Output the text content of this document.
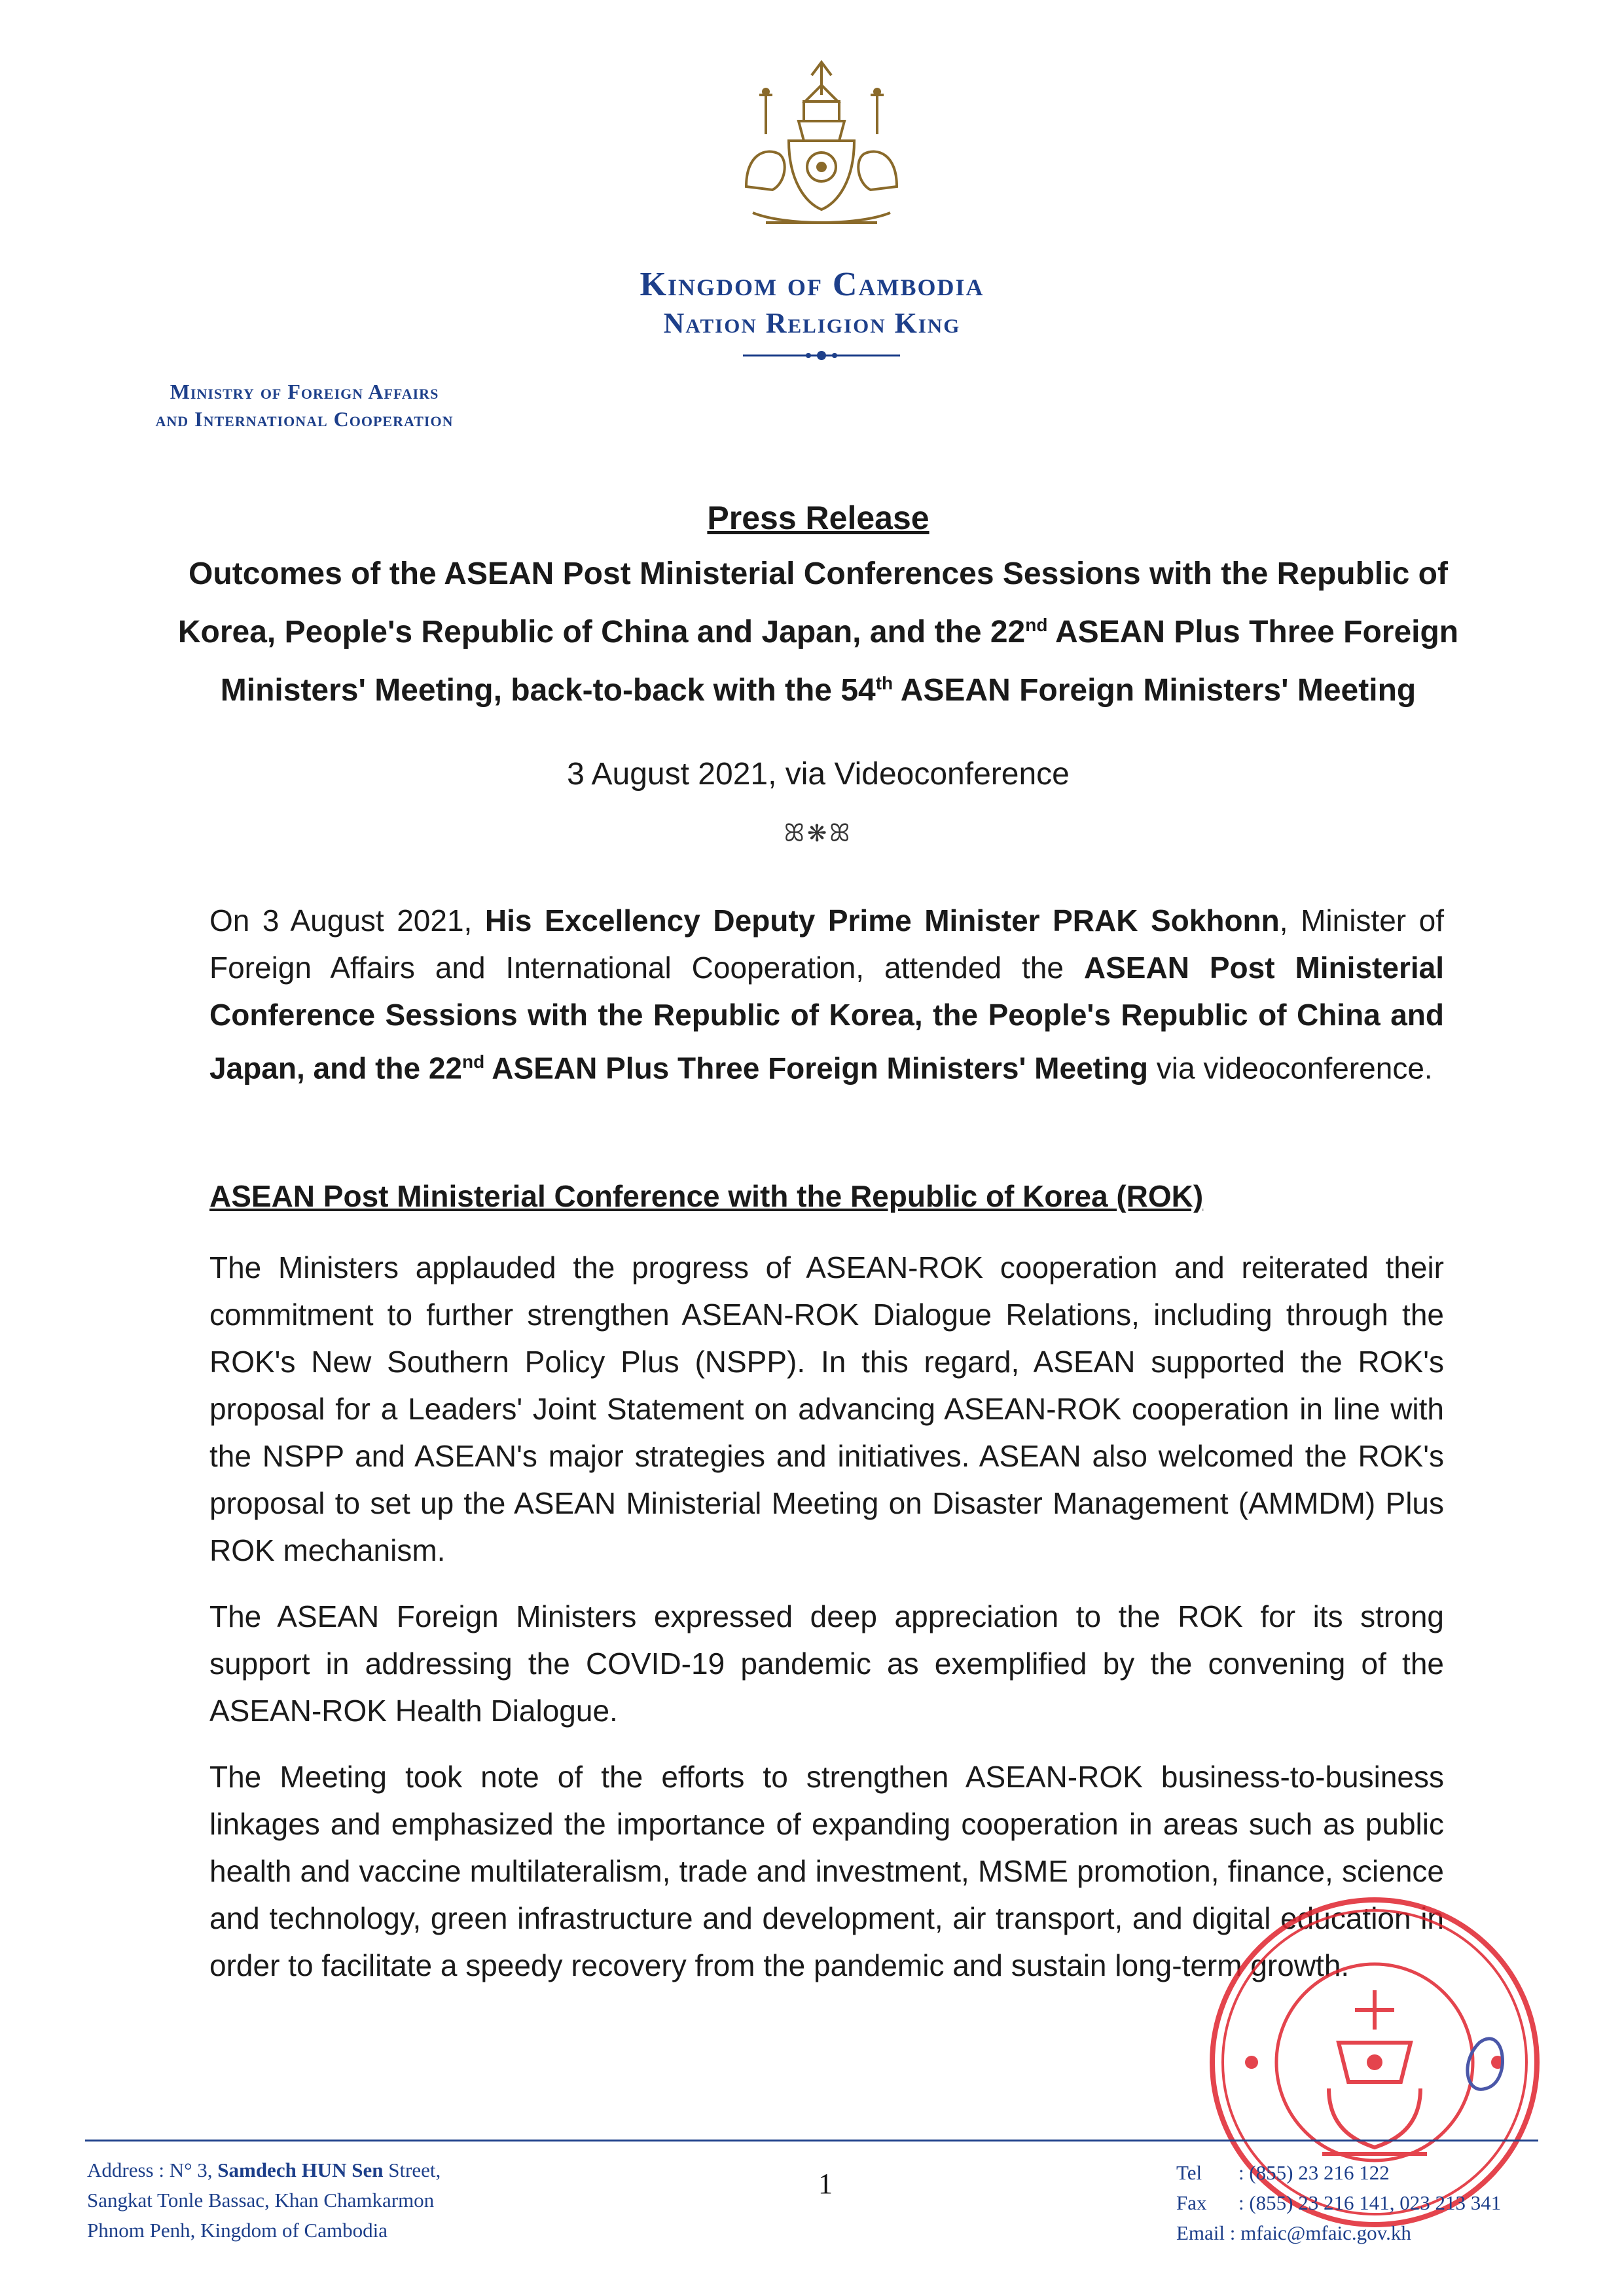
Kingdom of Cambodia
Nation Religion King
Ministry of Foreign Affairs
and International Cooperation
Press Release
Outcomes of the ASEAN Post Ministerial Conferences Sessions with the Republic of Korea, People's Republic of China and Japan, and the 22nd ASEAN Plus Three Foreign Ministers' Meeting, back-to-back with the 54th ASEAN Foreign Ministers' Meeting
3 August 2021, via Videoconference
ꕤ❋ꕤ
On 3 August 2021, His Excellency Deputy Prime Minister PRAK Sokhonn, Minister of Foreign Affairs and International Cooperation, attended the ASEAN Post Ministerial Conference Sessions with the Republic of Korea, the People's Republic of China and Japan, and the 22nd ASEAN Plus Three Foreign Ministers' Meeting via videoconference.
ASEAN Post Ministerial Conference with the Republic of Korea (ROK)
The Ministers applauded the progress of ASEAN-ROK cooperation and reiterated their commitment to further strengthen ASEAN-ROK Dialogue Relations, including through the ROK's New Southern Policy Plus (NSPP). In this regard, ASEAN supported the ROK's proposal for a Leaders' Joint Statement on advancing ASEAN-ROK cooperation in line with the NSPP and ASEAN's major strategies and initiatives. ASEAN also welcomed the ROK's proposal to set up the ASEAN Ministerial Meeting on Disaster Management (AMMDM) Plus ROK mechanism.
The ASEAN Foreign Ministers expressed deep appreciation to the ROK for its strong support in addressing the COVID-19 pandemic as exemplified by the convening of the ASEAN-ROK Health Dialogue.
The Meeting took note of the efforts to strengthen ASEAN-ROK business-to-business linkages and emphasized the importance of expanding cooperation in areas such as public health and vaccine multilateralism, trade and investment, MSME promotion, finance, science and technology, green infrastructure and development, air transport, and digital education in order to facilitate a speedy recovery from the pandemic and sustain long-term growth.
Address : N° 3, Samdech HUN Sen Street,
Sangkat Tonle Bassac, Khan Chamkarmon
Phnom Penh, Kingdom of Cambodia
1	Tel : (855) 23 216 122
Fax : (855) 23 216 141, 023 213 341
Email : mfaic@mfaic.gov.kh
